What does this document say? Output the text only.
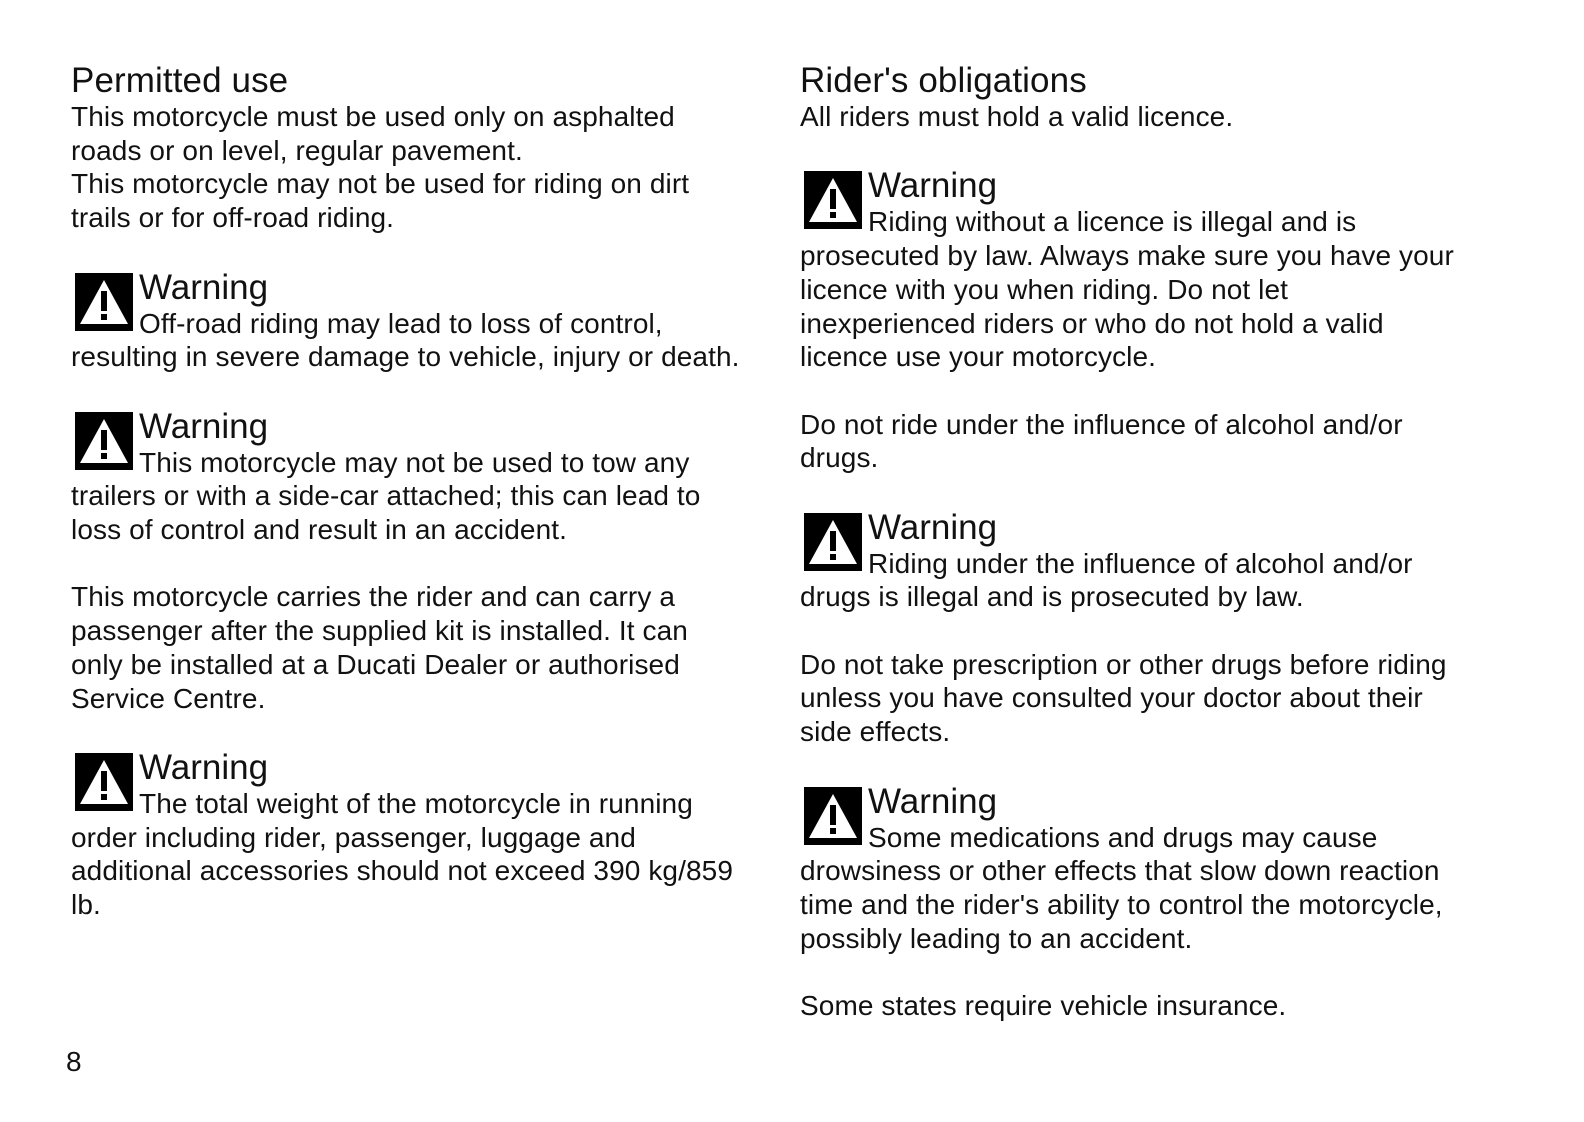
Permitted use

This motorcycle must be used only on asphalted
roads or on level, regular pavement.
This motorcycle may not be used for riding on dirt
trails or for off-road riding.

Warning

Off-road riding may lead to loss of control,
resulting in severe damage to vehicle, injury or death.

Warning

This motorcycle may not be used to tow any
trailers or with a side-car attached; this can lead to
loss of control and result in an accident.

This motorcycle carries the rider and can carry a
passenger after the supplied kit is installed. It can
only be installed at a Ducati Dealer or authorised
Service Centre.

Warning

The total weight of the motorcycle in running
order including rider, passenger, luggage and
additional accessories should not exceed 390 kg/859
lb.

Rider's obligations

All riders must hold a valid licence.

Warning

Riding without a licence is illegal and is
prosecuted by law. Always make sure you have your
licence with you when riding. Do not let
inexperienced riders or who do not hold a valid
licence use your motorcycle.

Do not ride under the influence of alcohol and/or
drugs.

Warning

Riding under the influence of alcohol and/or
drugs is illegal and is prosecuted by law.

Do not take prescription or other drugs before riding
unless you have consulted your doctor about their
side effects.

Warning

Some medications and drugs may cause
drowsiness or other effects that slow down reaction
time and the rider's ability to control the motorcycle,
possibly leading to an accident.

Some states require vehicle insurance.

8
